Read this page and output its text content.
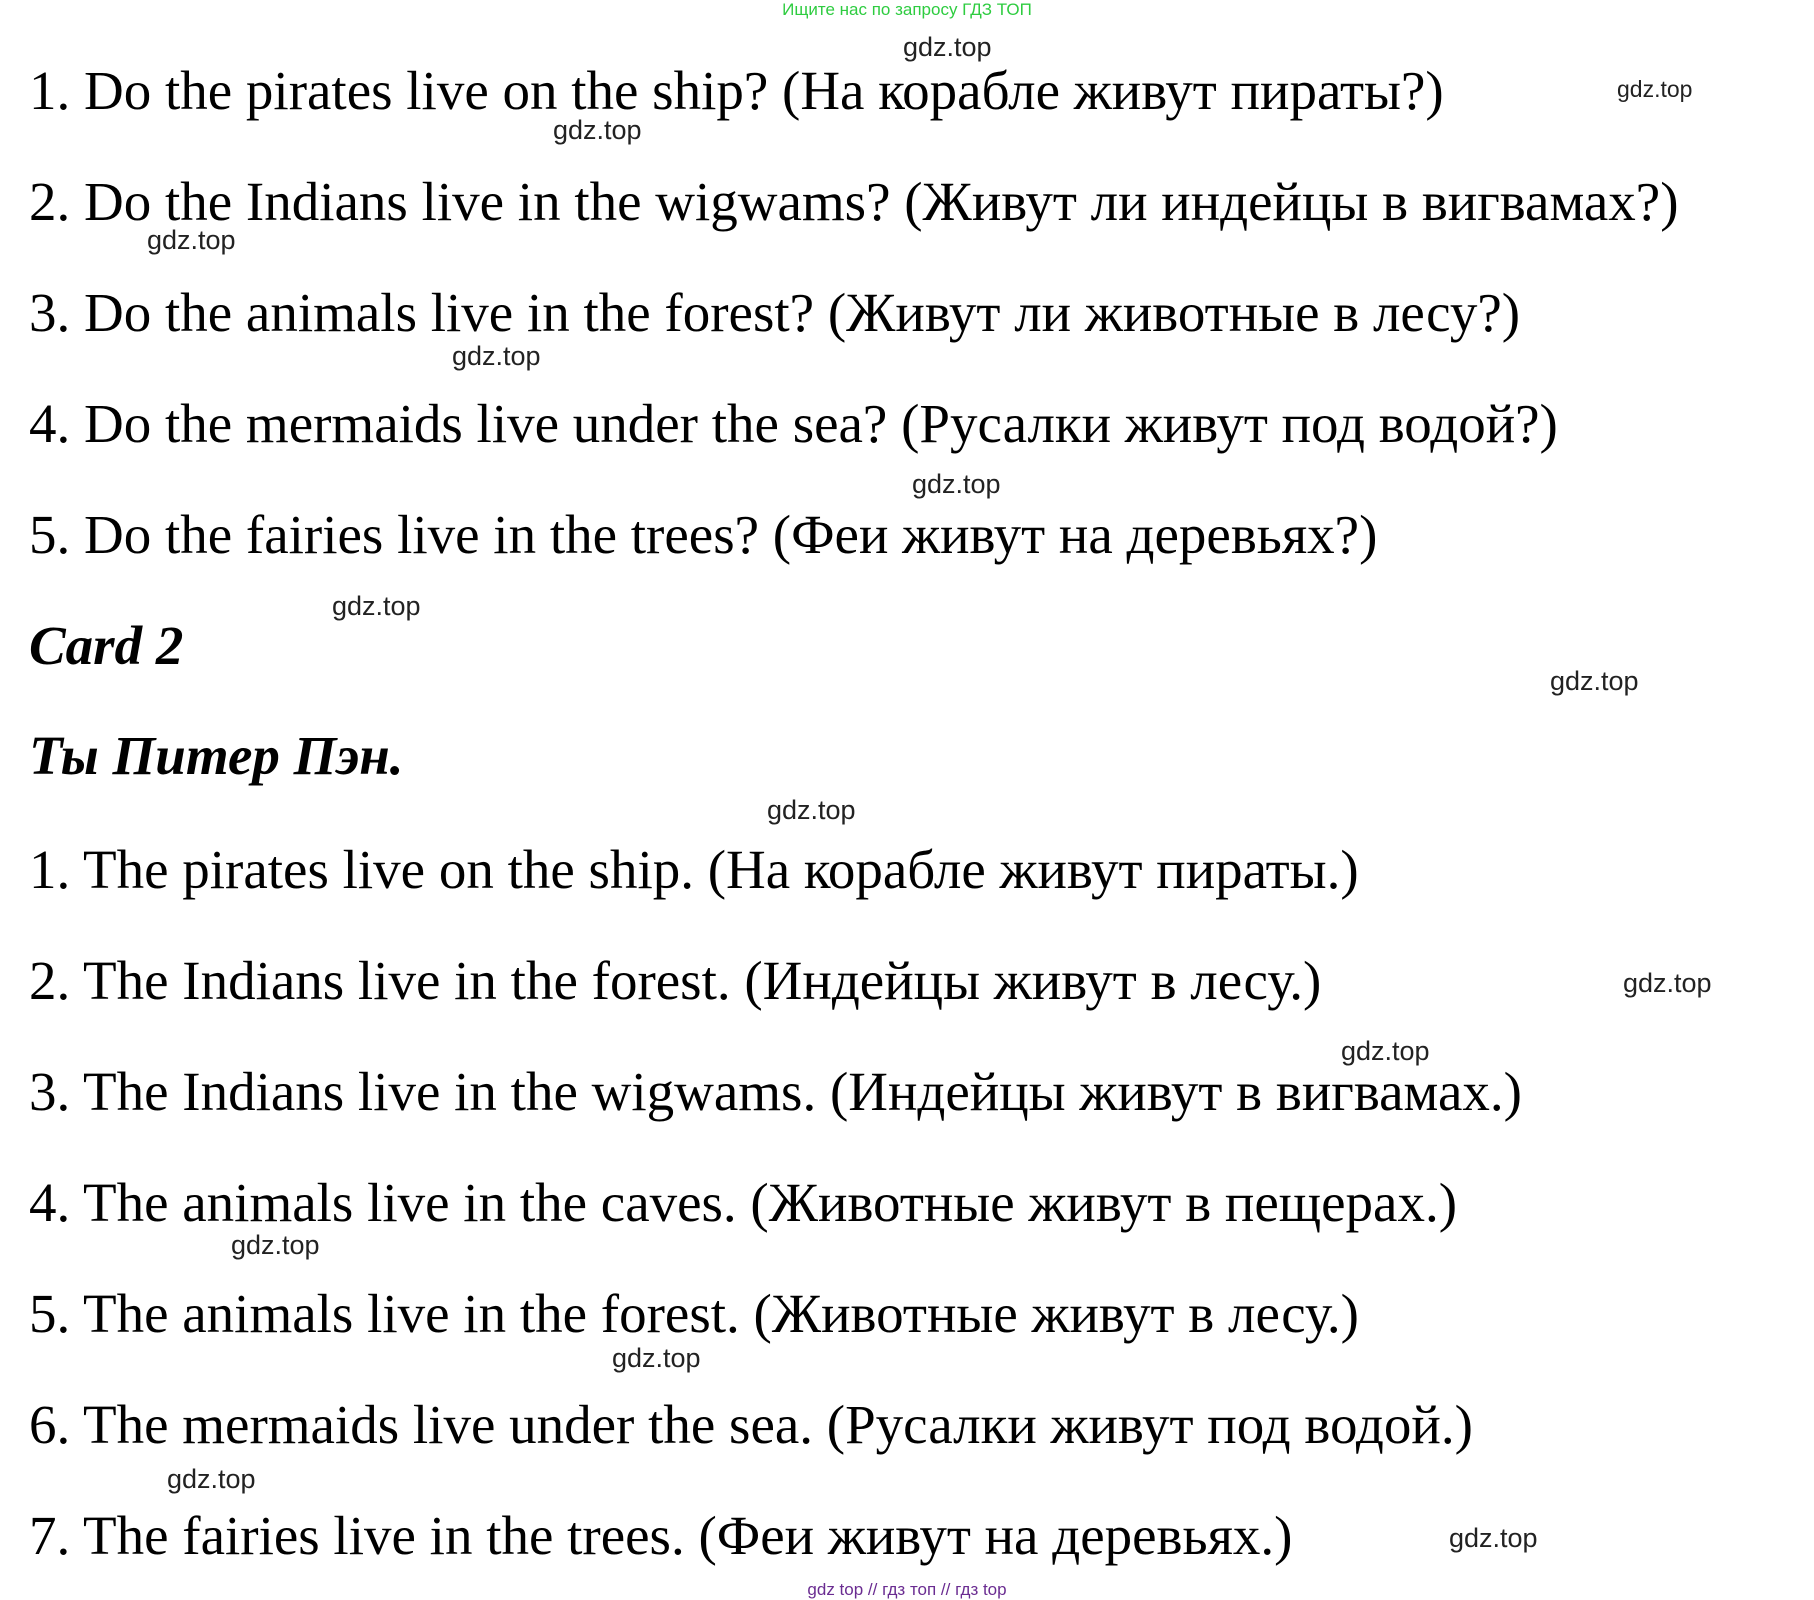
Ищите нас по запросу ГДЗ ТОП
1. Do the pirates live on the ship? (На корабле живут пираты?)
2. Do the Indians live in the wigwams? (Живут ли индейцы в вигвамах?)
3. Do the animals live in the forest? (Живут ли животные в лесу?)
4. Do the mermaids live under the sea? (Русалки живут под водой?)
5. Do the fairies live in the trees? (Феи живут на деревьях?)
Card 2
Ты Питер Пэн.
1. The pirates live on the ship. (На корабле живут пираты.)
2. The Indians live in the forest. (Индейцы живут в лесу.)
3. The Indians live in the wigwams. (Индейцы живут в вигвамах.)
4. The animals live in the caves. (Животные живут в пещерах.)
5. The animals live in the forest. (Животные живут в лесу.)
6. The mermaids live under the sea. (Русалки живут под водой.)
7. The fairies live in the trees. (Феи живут на деревьях.)
gdz.top
gdz.top
gdz.top
gdz.top
gdz.top
gdz.top
gdz.top
gdz.top
gdz.top
gdz.top
gdz.top
gdz.top
gdz.top
gdz.top
gdz.top
gdz top // гдз топ // гдз top
